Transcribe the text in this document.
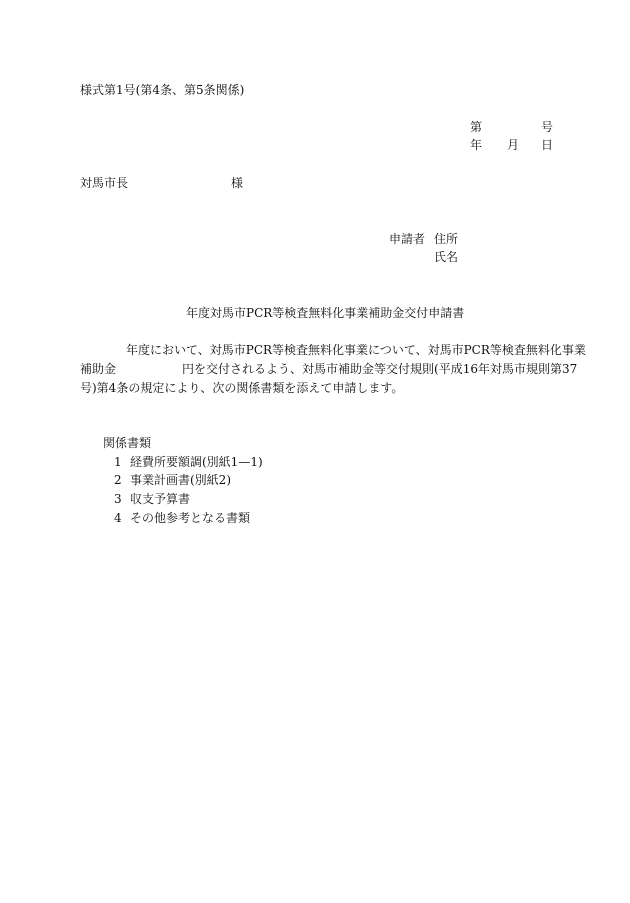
様式第1号(第4条、第5条関係)
第	号
年 月 日
対馬市長	様
申請者 住所
氏名
年度対馬市PCR等検査無料化事業補助金交付申請書
年度において、対馬市PCR等検査無料化事業について、対馬市PCR等検査無料化事業
補助金	円を交付されるよう、対馬市補助金等交付規則(平成16年対馬市規則第37
号)第4条の規定により、次の関係書類を添えて申請します。
関係書類
1 経費所要額調(別紙1—1)
2 事業計画書(別紙2)
3 収支予算書
4 その他参考となる書類
